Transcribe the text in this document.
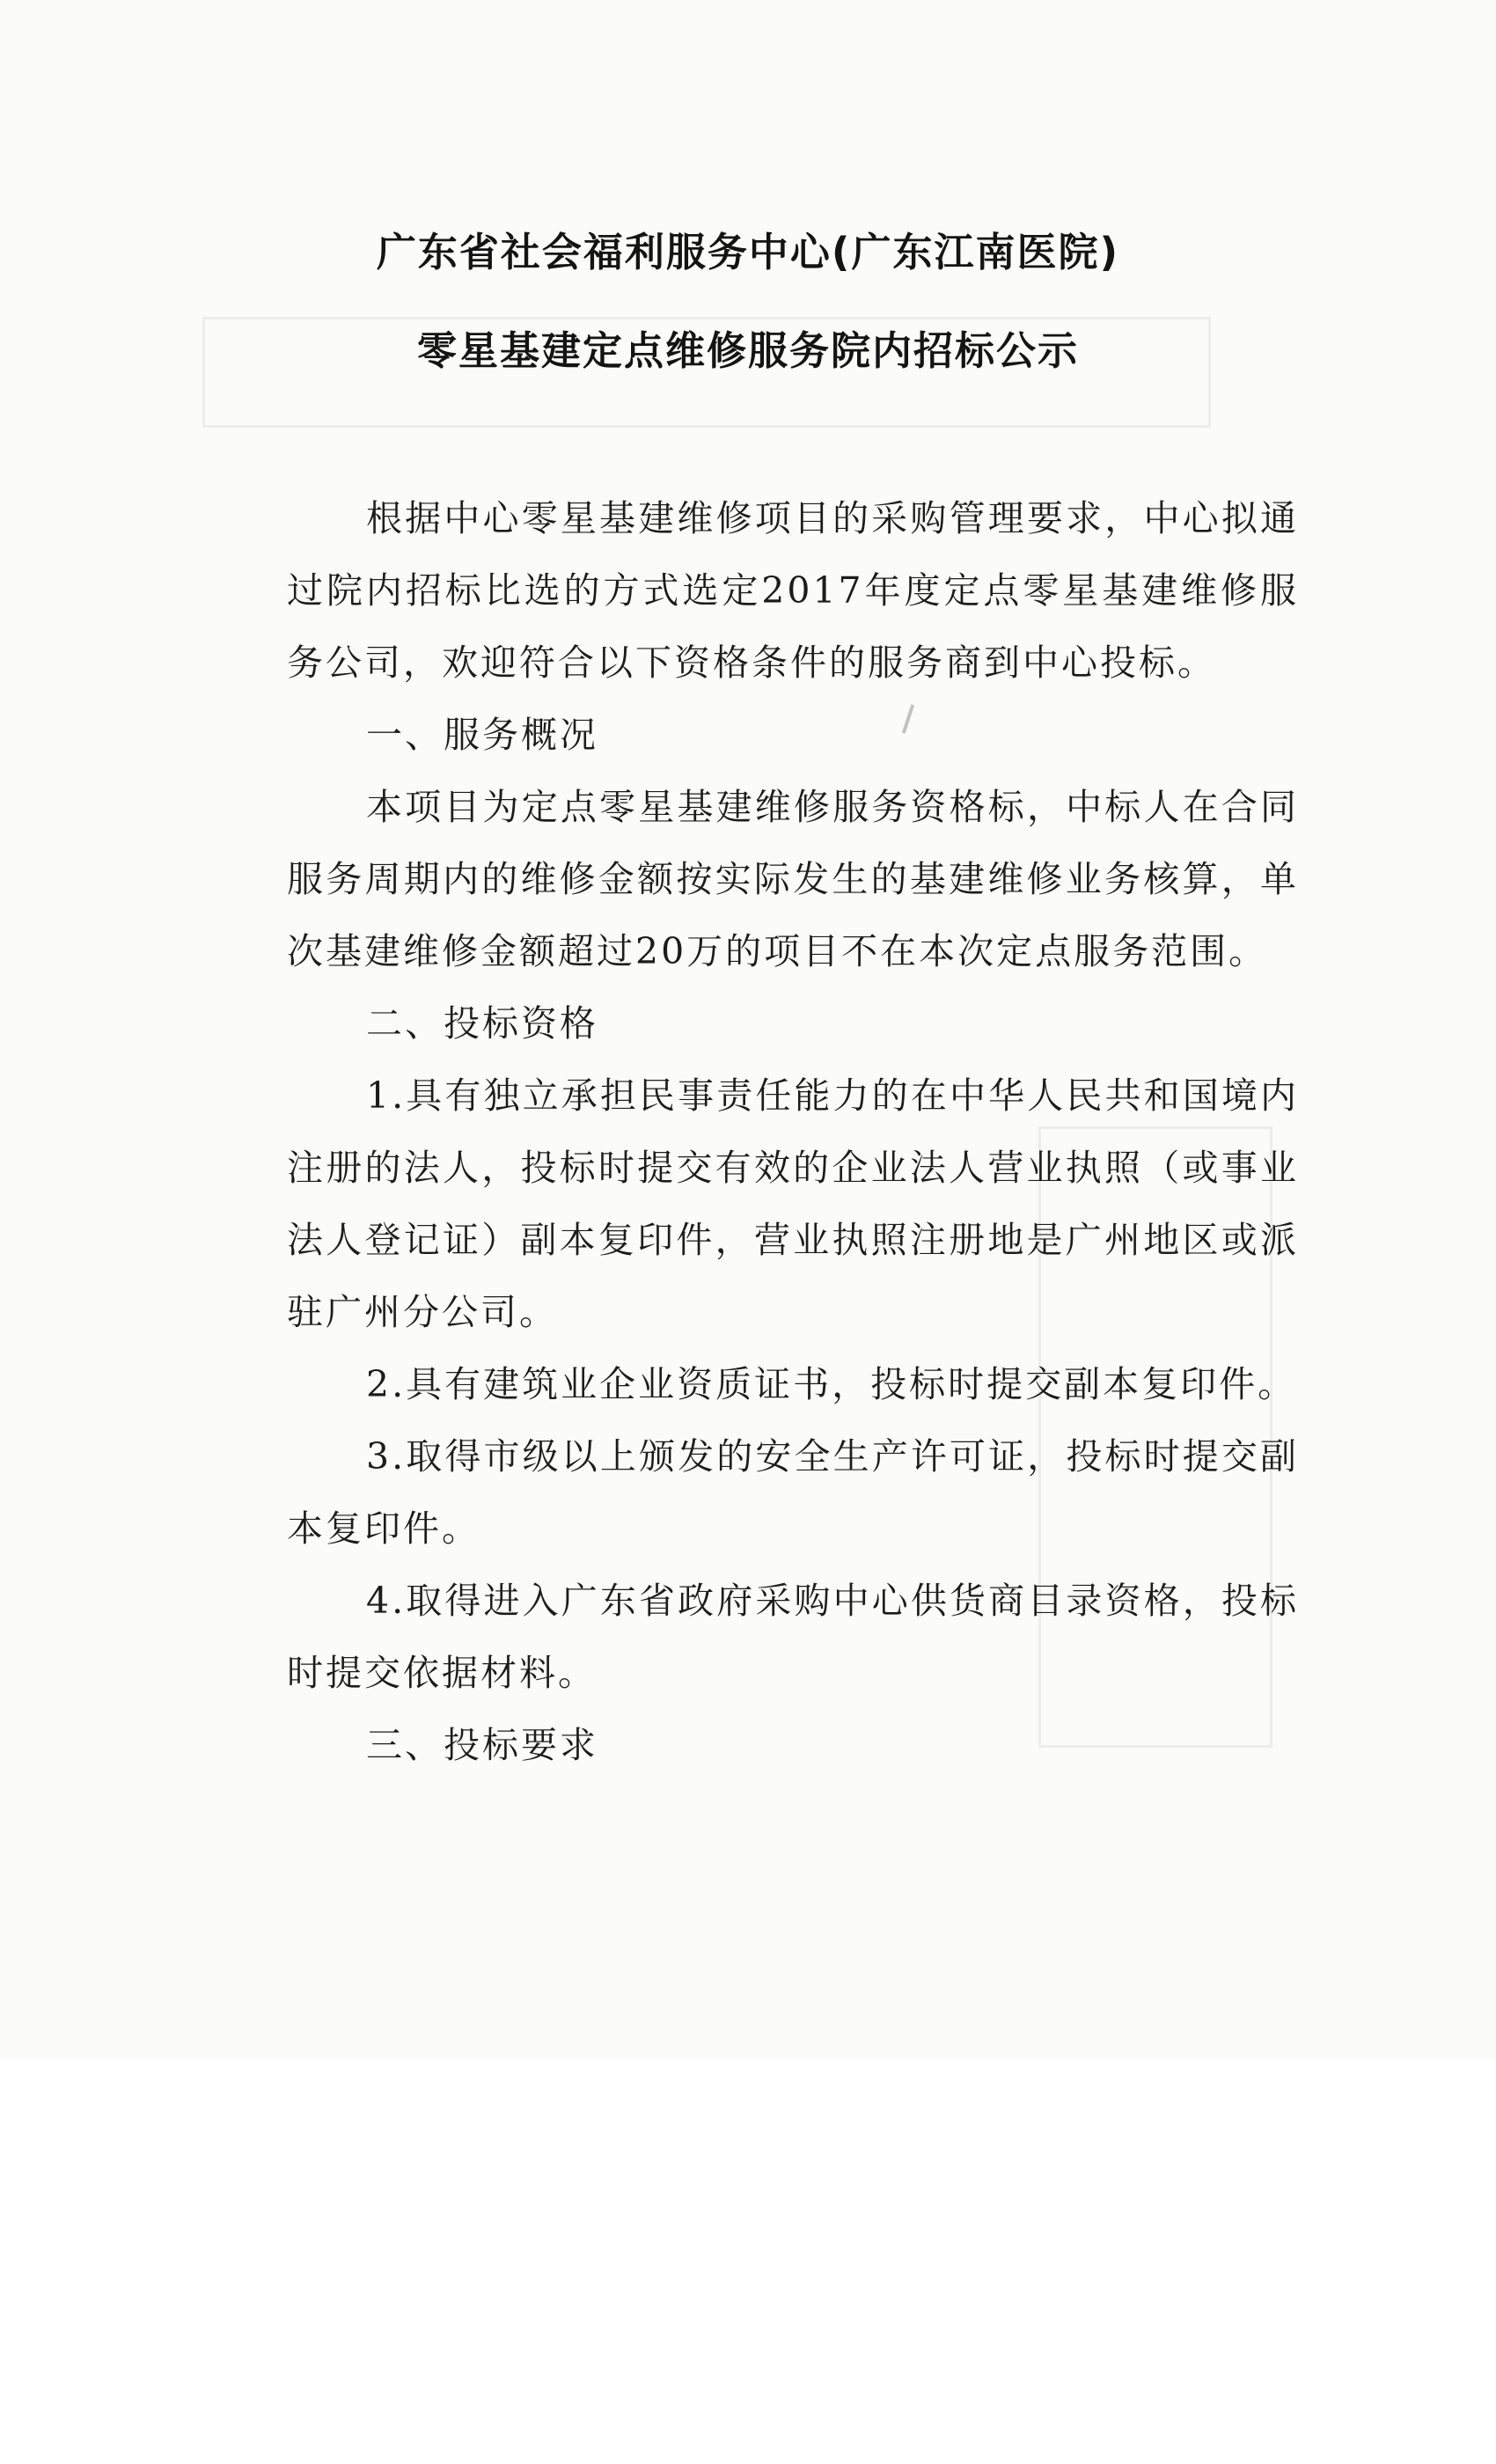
广东省社会福利服务中心(广东江南医院)
零星基建定点维修服务院内招标公示

根据中心零星基建维修项目的采购管理要求，中心拟通过院内招标比选的方式选定2017年度定点零星基建维修服务公司，欢迎符合以下资格条件的服务商到中心投标。

一、服务概况

本项目为定点零星基建维修服务资格标，中标人在合同服务周期内的维修金额按实际发生的基建维修业务核算，单次基建维修金额超过20万的项目不在本次定点服务范围。

二、投标资格

1.具有独立承担民事责任能力的在中华人民共和国境内注册的法人，投标时提交有效的企业法人营业执照（或事业法人登记证）副本复印件，营业执照注册地是广州地区或派驻广州分公司。

2.具有建筑业企业资质证书，投标时提交副本复印件。

3.取得市级以上颁发的安全生产许可证，投标时提交副本复印件。

4.取得进入广东省政府采购中心供货商目录资格，投标时提交依据材料。

三、投标要求
